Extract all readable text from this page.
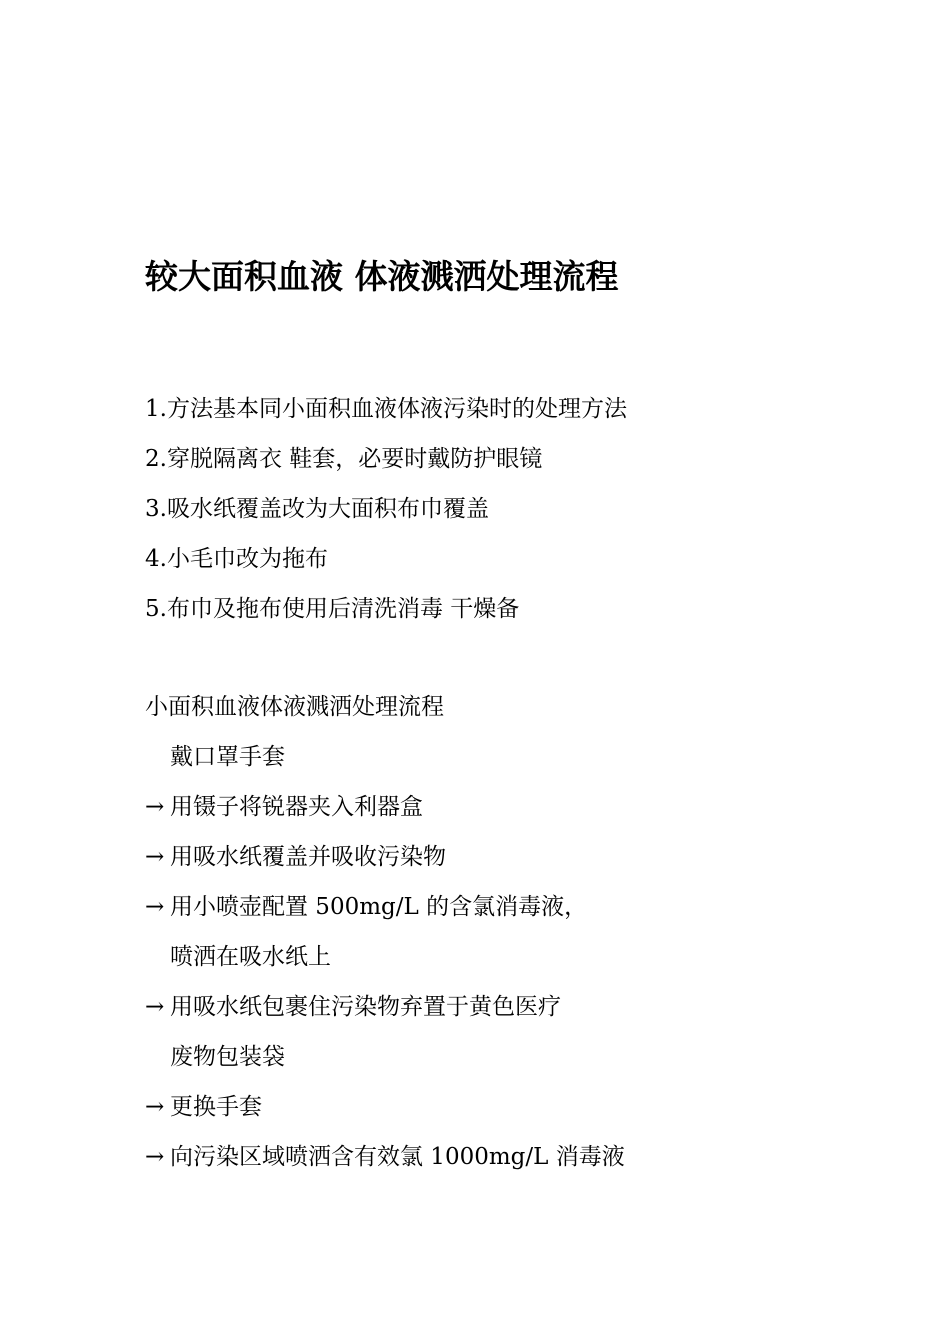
较大面积血液 体液溅洒处理流程
1.方法基本同小面积血液体液污染时的处理方法
2.穿脱隔离衣 鞋套，必要时戴防护眼镜
3.吸水纸覆盖改为大面积布巾覆盖
4.小毛巾改为拖布
5.布巾及拖布使用后清洗消毒 干燥备
小面积血液体液溅洒处理流程
戴口罩手套
→ 用镊子将锐器夹入利器盒
→ 用吸水纸覆盖并吸收污染物
→ 用小喷壶配置 500mg/L 的含氯消毒液，
喷洒在吸水纸上
→ 用吸水纸包裹住污染物弃置于黄色医疗
废物包装袋
→ 更换手套
→ 向污染区域喷洒含有效氯 1000mg/L 消毒液
